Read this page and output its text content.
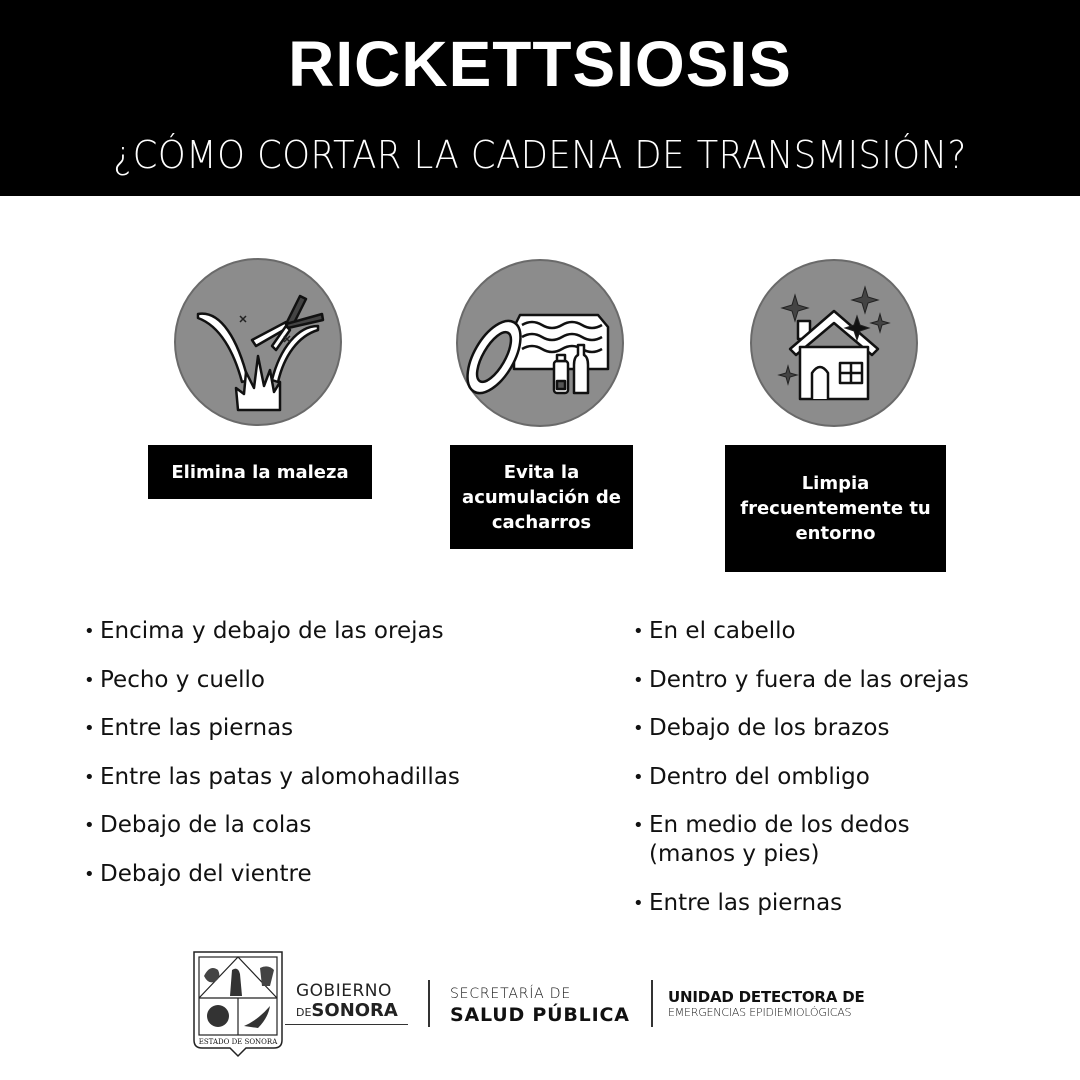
RICKETTSIOSIS
¿CÓMO CORTAR LA CADENA DE TRANSMISIÓN?
Elimina la maleza	Evita la acumulación de cacharros
Limpia frecuentemente tu entorno
• Encima y debajo de las orejas
• Pecho y cuello
• Entre las piernas
• Entre las patas y alomohadillas
• Debajo de la colas
• Debajo del vientre
• En el cabello
• Dentro y fuera de las orejas
• Debajo de los brazos
• Dentro del ombligo
• En medio de los dedos (manos y pies)
• Entre las piernas
ESTADO DE SONORA
GOBIERNO
DESONORA
SECRETARÍA DE
SALUD PÚBLICA
UNIDAD DETECTORA DE
EMERGENCIAS EPIDIEMIOLÓGICAS
